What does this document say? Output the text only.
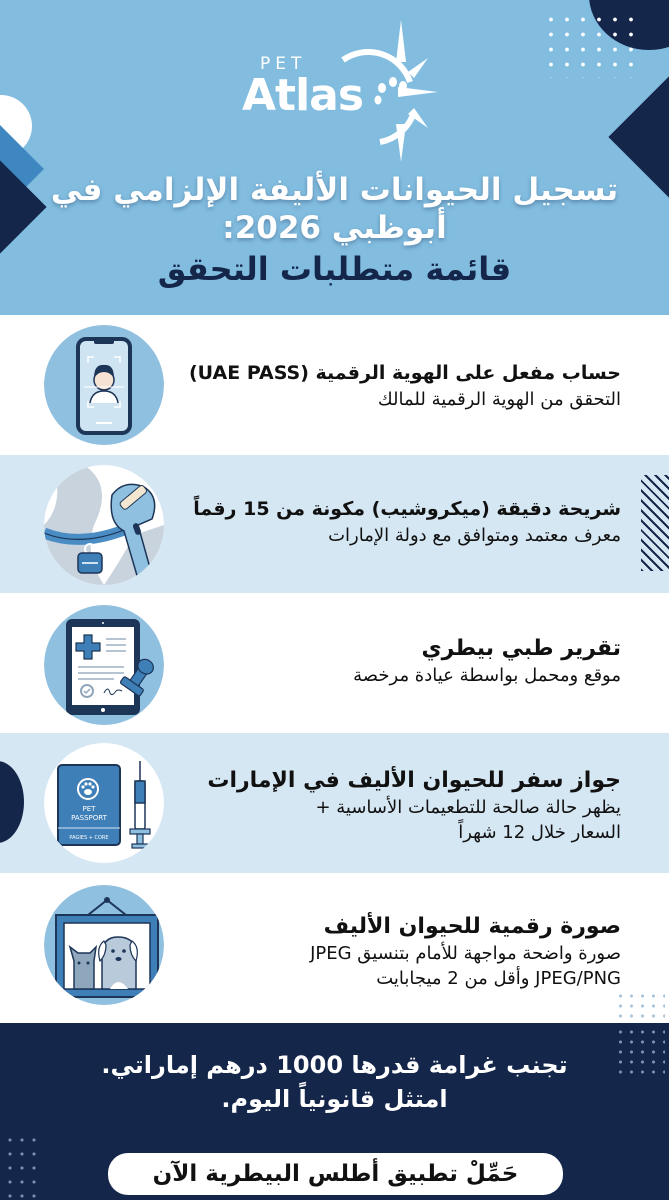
PET
Atlas
تسجيل الحيوانات الأليفة الإلزامي في
أبوظبي 2026:
قائمة متطلبات التحقق
حساب مفعل على الهوية الرقمية (UAE PASS)
التحقق من الهوية الرقمية للمالك
شريحة دقيقة (ميكروشيب) مكونة من 15 رقماً
معرف معتمد ومتوافق مع دولة الإمارات
تقرير طبي بيطري
موقع ومحمل بواسطة عيادة مرخصة
PET
PASSPORT
PAGIES + CORE
جواز سفر للحيوان الأليف في الإمارات
يظهر حالة صالحة للتطعيمات الأساسية +
السعار خلال 12 شهراً
صورة رقمية للحيوان الأليف
صورة واضحة مواجهة للأمام بتنسيق JPEG
JPEG/PNG وأقل من 2 ميجابايت
تجنب غرامة قدرها 1000 درهم إماراتي.
امتثل قانونياً اليوم.
حَمِّلْ تطبيق أطلس البيطرية الآن
